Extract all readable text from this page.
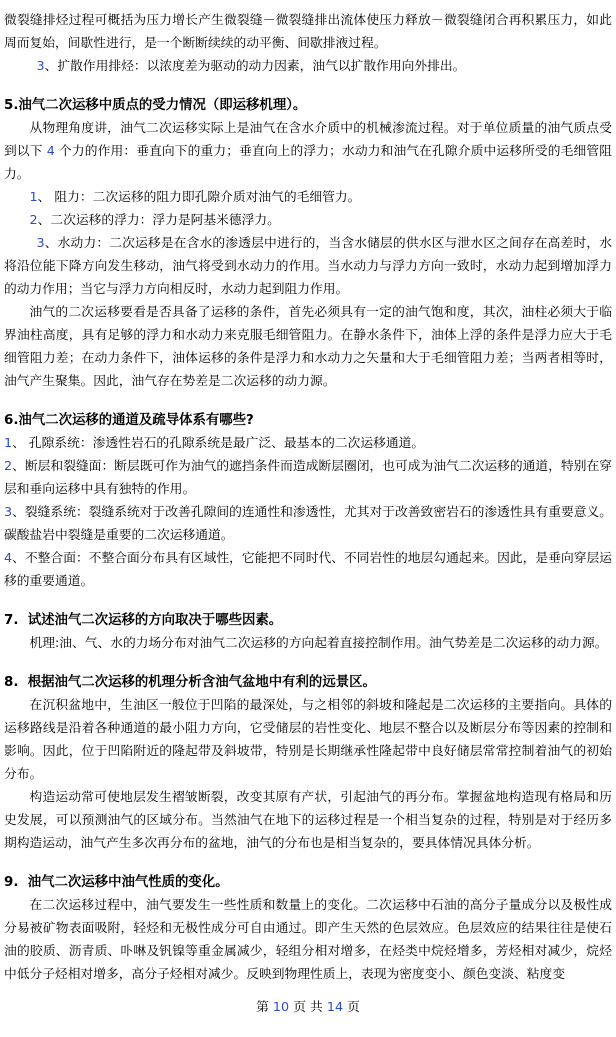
微裂缝排烃过程可概括为压力增长产生微裂缝－微裂缝排出流体使压力释放－微裂缝闭合再积累压力，如此周而复始，间歇性进行，是一个断断续续的动平衡、间歇排液过程。
3、扩散作用排烃：以浓度差为驱动的动力因素，油气以扩散作用向外排出。
5.油气二次运移中质点的受力情况（即运移机理）。
从物理角度讲，油气二次运移实际上是油气在含水介质中的机械渗流过程。对于单位质量的油气质点受到以下 4 个力的作用：垂直向下的重力；垂直向上的浮力；水动力和油气在孔隙介质中运移所受的毛细管阻力。
1、 阻力：二次运移的阻力即孔隙介质对油气的毛细管力。
2、二次运移的浮力：浮力是阿基米德浮力。
3、水动力：二次运移是在含水的渗透层中进行的，当含水储层的供水区与泄水区之间存在高差时，水将沿位能下降方向发生移动，油气将受到水动力的作用。当水动力与浮力方向一致时，水动力起到增加浮力的动力作用；当它与浮力方向相反时，水动力起到阻力作用。
油气的二次运移要看是否具备了运移的条件，首先必须具有一定的油气饱和度，其次，油柱必须大于临界油柱高度，具有足够的浮力和水动力来克服毛细管阻力。在静水条件下，油体上浮的条件是浮力应大于毛细管阻力差；在动力条件下，油体运移的条件是浮力和水动力之矢量和大于毛细管阻力差；当两者相等时，油气产生聚集。因此，油气存在势差是二次运移的动力源。
6.油气二次运移的通道及疏导体系有哪些?
1、 孔隙系统：渗透性岩石的孔隙系统是最广泛、最基本的二次运移通道。
2、断层和裂缝面：断层既可作为油气的遮挡条件而造成断层圈闭，也可成为油气二次运移的通道，特别在穿层和垂向运移中具有独特的作用。
3、裂缝系统：裂缝系统对于改善孔隙间的连通性和渗透性，尤其对于改善致密岩石的渗透性具有重要意义。碳酸盐岩中裂缝是重要的二次运移通道。
4、不整合面：不整合面分布具有区域性，它能把不同时代、不同岩性的地层勾通起来。因此，是垂向穿层运移的重要通道。
7.  试述油气二次运移的方向取决于哪些因素。
机理:油、气、水的力场分布对油气二次运移的方向起着直接控制作用。油气势差是二次运移的动力源。
8.  根据油气二次运移的机理分析含油气盆地中有利的远景区。
在沉积盆地中，生油区一般位于凹陷的最深处，与之相邻的斜坡和隆起是二次运移的主要指向。具体的运移路线是沿着各种通道的最小阻力方向，它受储层的岩性变化、地层不整合以及断层分布等因素的控制和影响。因此，位于凹陷附近的隆起带及斜坡带，特别是长期继承性隆起带中良好储层常常控制着油气的初始分布。
构造运动常可使地层发生褶皱断裂，改变其原有产状，引起油气的再分布。掌握盆地构造现有格局和历史发展，可以预测油气的区域分布。当然油气在地下的运移过程是一个相当复杂的过程，特别是对于经历多期构造运动，油气产生多次再分布的盆地，油气的分布也是相当复杂的，要具体情况具体分析。
9.  油气二次运移中油气性质的变化。
在二次运移过程中，油气要发生一些性质和数量上的变化。二次运移中石油的高分子量成分以及极性成分易被矿物表面吸附，轻烃和无极性成分可自由通过。即产生天然的色层效应。色层效应的结果往往是使石油的胶质、沥青质、卟啉及钒镍等重金属减少，轻组分相对增多，在烃类中烷烃增多，芳烃相对减少，烷烃中低分子烃相对增多，高分子烃相对减少。反映到物理性质上，表现为密度变小、颜色变淡、粘度变
第 10 页 共 14 页
